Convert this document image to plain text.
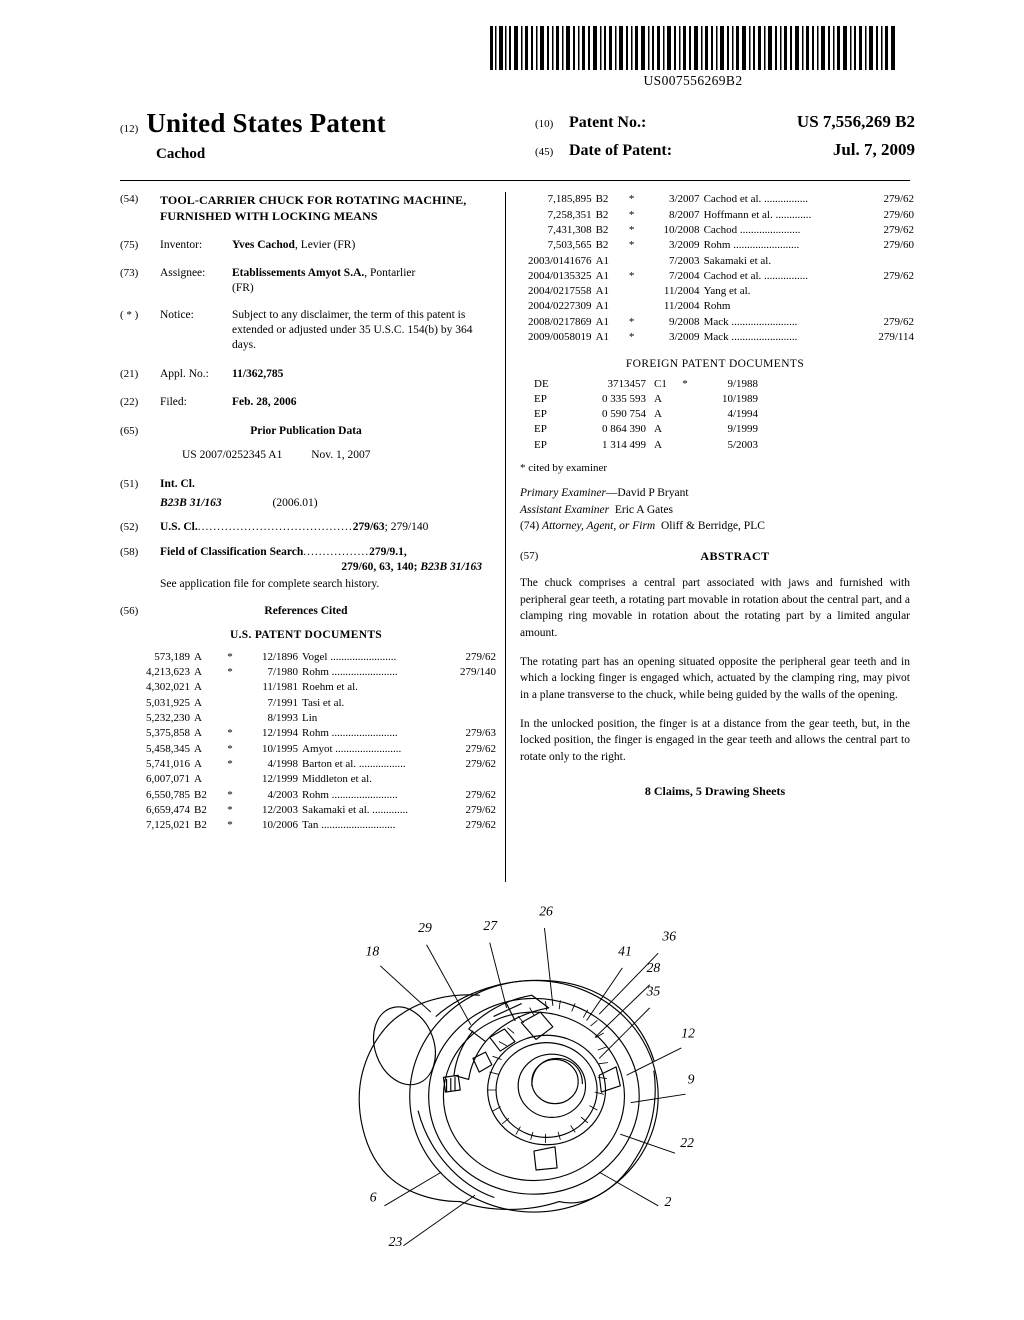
US007556269B2
(12) United States Patent
Cachod
(10) Patent No.:	US 7,556,269 B2
(45) Date of Patent:	Jul. 7, 2009
(54)	TOOL-CARRIER CHUCK FOR ROTATING MACHINE, FURNISHED WITH LOCKING MEANS
(75)	Inventor:	Yves Cachod, Levier (FR)
(73)	Assignee:	Etablissements Amyot S.A., Pontarlier
(FR)
( * )	Notice:	Subject to any disclaimer, the term of this patent is extended or adjusted under 35 U.S.C. 154(b) by 364 days.
(21)	Appl. No.:	11/362,785
(22)	Filed:	Feb. 28, 2006
(65)	Prior Publication Data
US 2007/0252345 A1	Nov. 1, 2007
(51)	Int. Cl.
B23B 31/163	(2006.01)
(52)	U.S. Cl.........................................279/63; 279/140
(58)	Field of Classification Search.................279/9.1,
279/60, 63, 140; B23B 31/163
See application file for complete search history.
(56)	References Cited
U.S. PATENT DOCUMENTS
573,189	A	*	12/1896	Vogel ........................	279/62
4,213,623	A	*	7/1980	Rohm ........................	279/140
4,302,021	A		11/1981	Roehm et al.	
5,031,925	A		7/1991	Tasi et al.	
5,232,230	A		8/1993	Lin	
5,375,858	A	*	12/1994	Rohm ........................	279/63
5,458,345	A	*	10/1995	Amyot ........................	279/62
5,741,016	A	*	4/1998	Barton et al. .................	279/62
6,007,071	A		12/1999	Middleton et al.	
6,550,785	B2	*	4/2003	Rohm ........................	279/62
6,659,474	B2	*	12/2003	Sakamaki et al. .............	279/62
7,125,021	B2	*	10/2006	Tan ...........................	279/62
7,185,895	B2	*	3/2007	Cachod et al. ................	279/62
7,258,351	B2	*	8/2007	Hoffmann et al. .............	279/60
7,431,308	B2	*	10/2008	Cachod ......................	279/62
7,503,565	B2	*	3/2009	Rohm ........................	279/60
2003/0141676	A1		7/2003	Sakamaki et al.	
2004/0135325	A1	*	7/2004	Cachod et al. ................	279/62
2004/0217558	A1		11/2004	Yang et al.	
2004/0227309	A1		11/2004	Rohm	
2008/0217869	A1	*	9/2008	Mack ........................	279/62
2009/0058019	A1	*	3/2009	Mack ........................	279/114
FOREIGN PATENT DOCUMENTS
DE	3713457	C1	*	9/1988
EP	0 335 593	A		10/1989
EP	0 590 754	A		4/1994
EP	0 864 390	A		9/1999
EP	1 314 499	A		5/2003
* cited by examiner
Primary Examiner—David P Bryant
Assistant Examiner Eric A Gates
(74) Attorney, Agent, or Firm Oliff & Berridge, PLC
(57)	ABSTRACT

The chuck comprises a central part associated with jaws and furnished with peripheral gear teeth, a rotating part movable in rotation about the central part, and a clamping ring movable in rotation about the rotating part by a limited angular amount.

The rotating part has an opening situated opposite the peripheral gear teeth and in which a locking finger is engaged which, actuated by the clamping ring, may pivot in a plane transverse to the chuck, while being guided by the walls of the opening.

In the unlocked position, the finger is at a distance from the gear teeth, but, in the locked position, the finger is engaged in the gear teeth and allows the central part to rotate only to the right.

8 Claims, 5 Drawing Sheets
18
29	27
26
36
41
28
35
12
9
22
2
6
23
